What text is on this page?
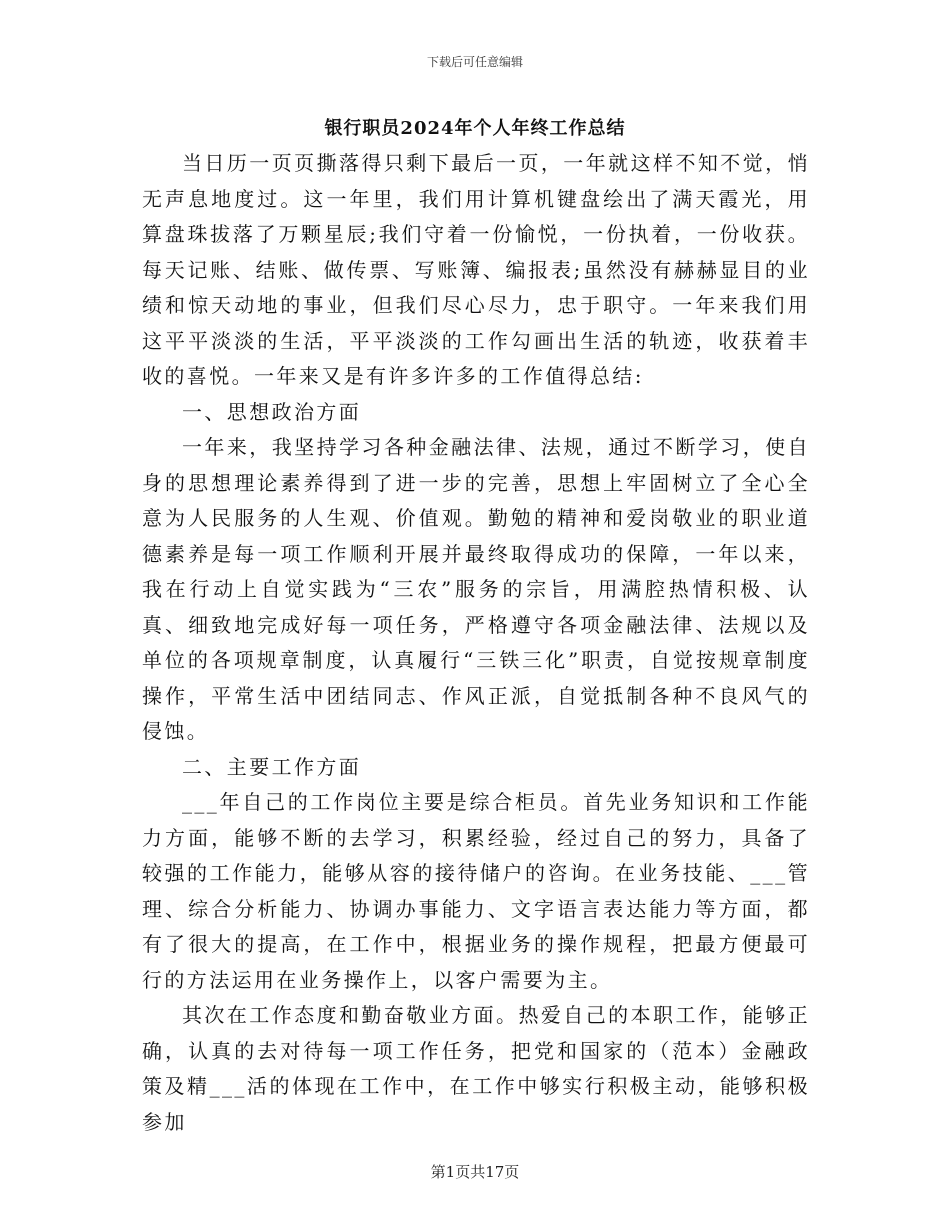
下载后可任意编辑
银行职员2024年个人年终工作总结

当日历一页页撕落得只剩下最后一页，一年就这样不知不觉，悄无声息地度过。这一年里，我们用计算机键盘绘出了满天霞光，用算盘珠拔落了万颗星辰;我们守着一份愉悦，一份执着，一份收获。每天记账、结账、做传票、写账簿、编报表;虽然没有赫赫显目的业绩和惊天动地的事业，但我们尽心尽力，忠于职守。一年来我们用这平平淡淡的生活，平平淡淡的工作勾画出生活的轨迹，收获着丰收的喜悦。一年来又是有许多许多的工作值得总结:

一、思想政治方面

一年来，我坚持学习各种金融法律、法规，通过不断学习，使自身的思想理论素养得到了进一步的完善，思想上牢固树立了全心全意为人民服务的人生观、价值观。勤勉的精神和爱岗敬业的职业道德素养是每一项工作顺利开展并最终取得成功的保障，一年以来，我在行动上自觉实践为“三农”服务的宗旨，用满腔热情积极、认真、细致地完成好每一项任务，严格遵守各项金融法律、法规以及单位的各项规章制度，认真履行“三铁三化”职责，自觉按规章制度操作，平常生活中团结同志、作风正派，自觉抵制各种不良风气的侵蚀。

二、主要工作方面

___年自己的工作岗位主要是综合柜员。首先业务知识和工作能力方面，能够不断的去学习，积累经验，经过自己的努力，具备了较强的工作能力，能够从容的接待储户的咨询。在业务技能、___管理、综合分析能力、协调办事能力、文字语言表达能力等方面，都有了很大的提高，在工作中，根据业务的操作规程，把最方便最可行的方法运用在业务操作上，以客户需要为主。

其次在工作态度和勤奋敬业方面。热爱自己的本职工作，能够正确，认真的去对待每一项工作任务，把党和国家的（范本）金融政策及精___活的体现在工作中，在工作中够实行积极主动，能够积极参加

第1页共17页
